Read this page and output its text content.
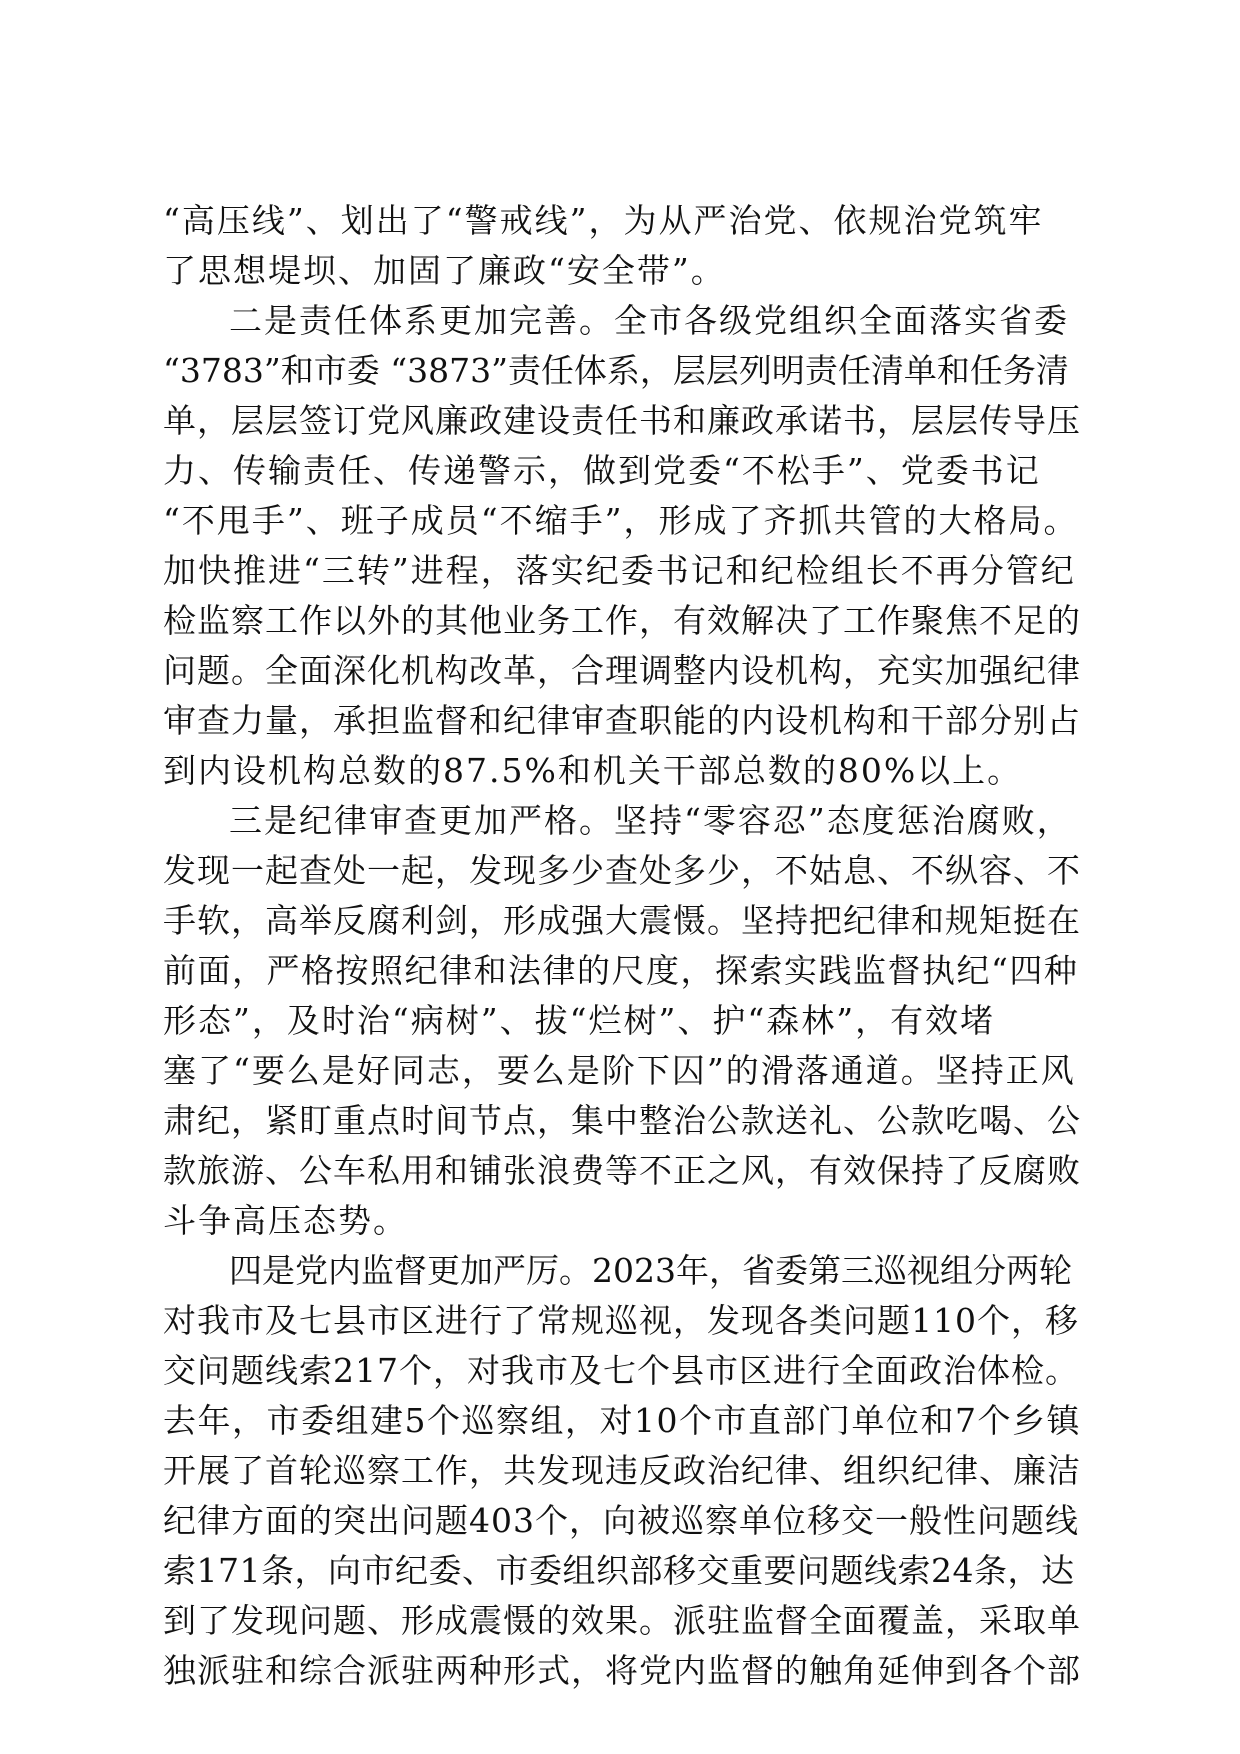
“高压线”、划出了“警戒线”，为从严治党、依规治党筑牢
了思想堤坝、加固了廉政“安全带”。
二是责任体系更加完善。全市各级党组织全面落实省委
“3783”和市委 “3873”责任体系，层层列明责任清单和任务清
单，层层签订党风廉政建设责任书和廉政承诺书，层层传导压
力、传输责任、传递警示，做到党委“不松手”、党委书记
“不甩手”、班子成员“不缩手”，形成了齐抓共管的大格局。
加快推进“三转”进程，落实纪委书记和纪检组长不再分管纪
检监察工作以外的其他业务工作，有效解决了工作聚焦不足的
问题。全面深化机构改革，合理调整内设机构，充实加强纪律
审查力量，承担监督和纪律审查职能的内设机构和干部分别占
到内设机构总数的87.5%和机关干部总数的80%以上。
三是纪律审查更加严格。坚持“零容忍”态度惩治腐败，
发现一起查处一起，发现多少查处多少，不姑息、不纵容、不
手软，高举反腐利剑，形成强大震慑。坚持把纪律和规矩挺在
前面，严格按照纪律和法律的尺度，探索实践监督执纪“四种
形态”，及时治“病树”、拔“烂树”、护“森林”，有效堵
塞了“要么是好同志，要么是阶下囚”的滑落通道。坚持正风
肃纪，紧盯重点时间节点，集中整治公款送礼、公款吃喝、公
款旅游、公车私用和铺张浪费等不正之风，有效保持了反腐败
斗争高压态势。
四是党内监督更加严厉。2023年，省委第三巡视组分两轮
对我市及七县市区进行了常规巡视，发现各类问题110个，移
交问题线索217个，对我市及七个县市区进行全面政治体检。
去年，市委组建5个巡察组，对10个市直部门单位和7个乡镇
开展了首轮巡察工作，共发现违反政治纪律、组织纪律、廉洁
纪律方面的突出问题403个，向被巡察单位移交一般性问题线
索171条，向市纪委、市委组织部移交重要问题线索24条，达
到了发现问题、形成震慑的效果。派驻监督全面覆盖，采取单
独派驻和综合派驻两种形式，将党内监督的触角延伸到各个部
